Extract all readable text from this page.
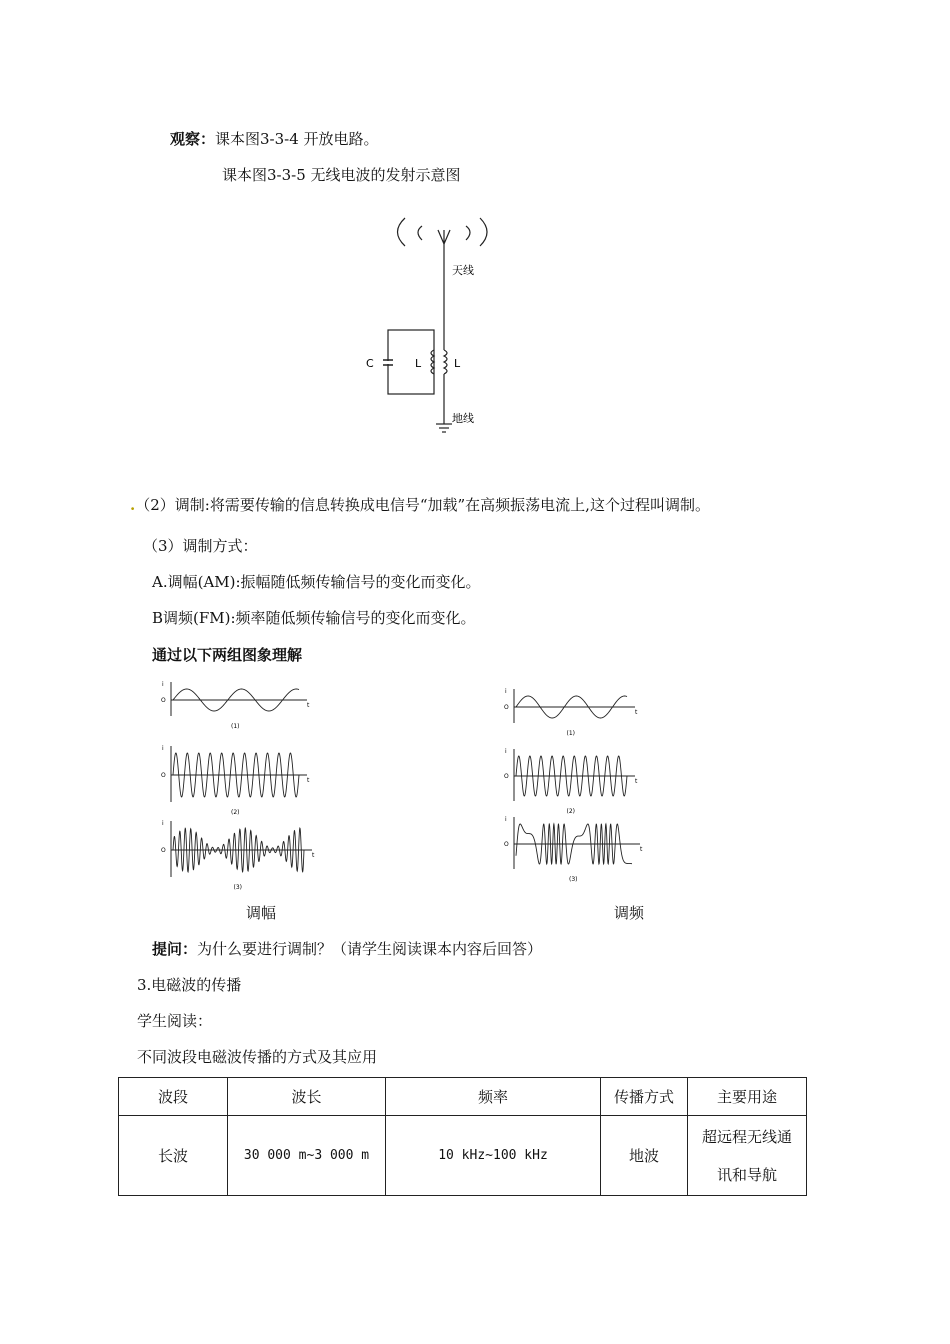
观察：课本图3-3-4 开放电路。
课本图3-3-5 无线电波的发射示意图
天线
地线
C	L	L
.（2）调制:将需要传输的信息转换成电信号“加载”在高频振荡电流上,这个过程叫调制。
（3）调制方式：
A.调幅(AM):振幅随低频传输信号的变化而变化。
B调频(FM):频率随低频传输信号的变化而变化。
通过以下两组图象理解
i
O
t
(1)
i
O
t
(2)
i
O
t
(3)
i
O
t
(1)
i
O
t
(2)
i
O
t
(3)
调幅	调频
提问：为什么要进行调制？（请学生阅读课本内容后回答）
3.电磁波的传播
学生阅读：
不同波段电磁波传播的方式及其应用
波段	波长	频率	传播方式	主要用途
长波	30 000 m~3 000 m	10 kHz~100 kHz	地波	超远程无线通
讯和导航
